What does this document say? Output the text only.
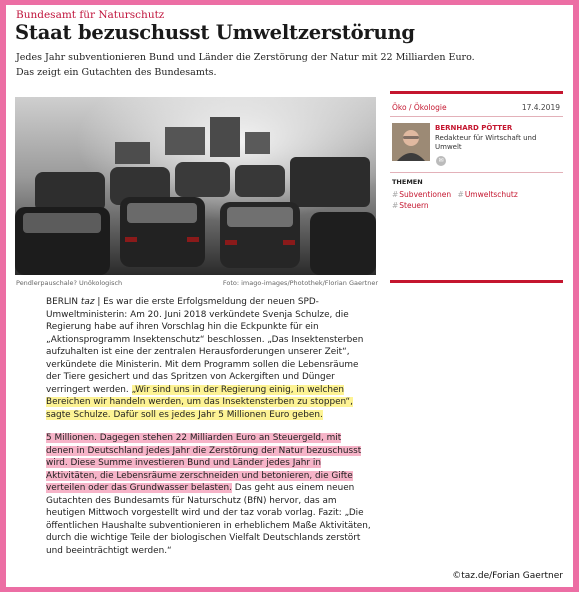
Bundesamt für Naturschutz
Staat bezuschusst Umweltzerstörung
Jedes Jahr subventionieren Bund und Länder die Zerstörung der Natur mit 22 Milliarden Euro. Das zeigt ein Gutachten des Bundesamts.
Pendlerpauschale? Unökologisch	Foto: imago-images/Photothek/Florian Gaertner
Öko / Ökologie	17.4.2019
BERNHARD PÖTTER
Redakteur für Wirtschaft und Umwelt
✉
THEMEN
#Subventionen #Umweltschutz
#Steuern

BERLIN taz | Es war die erste Erfolgsmeldung der neuen SPD-Umweltministerin: Am 20. Juni 2018 verkündete Svenja Schulze, die Regierung habe auf ihren Vorschlag hin die Eckpunkte für ein „Aktionsprogramm Insektenschutz“ beschlossen. „Das Insektensterben aufzuhalten ist eine der zentralen Herausforderungen unserer Zeit“, verkündete die Ministerin. Mit dem Programm sollen die Lebensräume der Tiere gesichert und das Spritzen von Ackergiften und Dünger verringert werden. „Wir sind uns in der Regierung einig, in welchen Bereichen wir handeln werden, um das Insektensterben zu stoppen“, sagte Schulze. Dafür soll es jedes Jahr 5 Millionen Euro geben.

5 Millionen. Dagegen stehen 22 Milliarden Euro an Steuergeld, mit denen in Deutschland jedes Jahr die Zerstörung der Natur bezuschusst wird. Diese Summe investieren Bund und Länder jedes Jahr in Aktivitäten, die Lebensräume zerschneiden und betonieren, die Gifte verteilen oder das Grundwasser belasten. Das geht aus einem neuen Gutachten des Bundesamts für Naturschutz (BfN) hervor, das am heutigen Mittwoch vorgestellt wird und der taz vorab vorlag. Fazit: „Die öffentlichen Haushalte subventionieren in erheblichem Maße Aktivitäten, durch die wichtige Teile der biologischen Vielfalt Deutschlands zerstört und beeinträchtigt werden.“

©taz.de/Forian Gaertner
